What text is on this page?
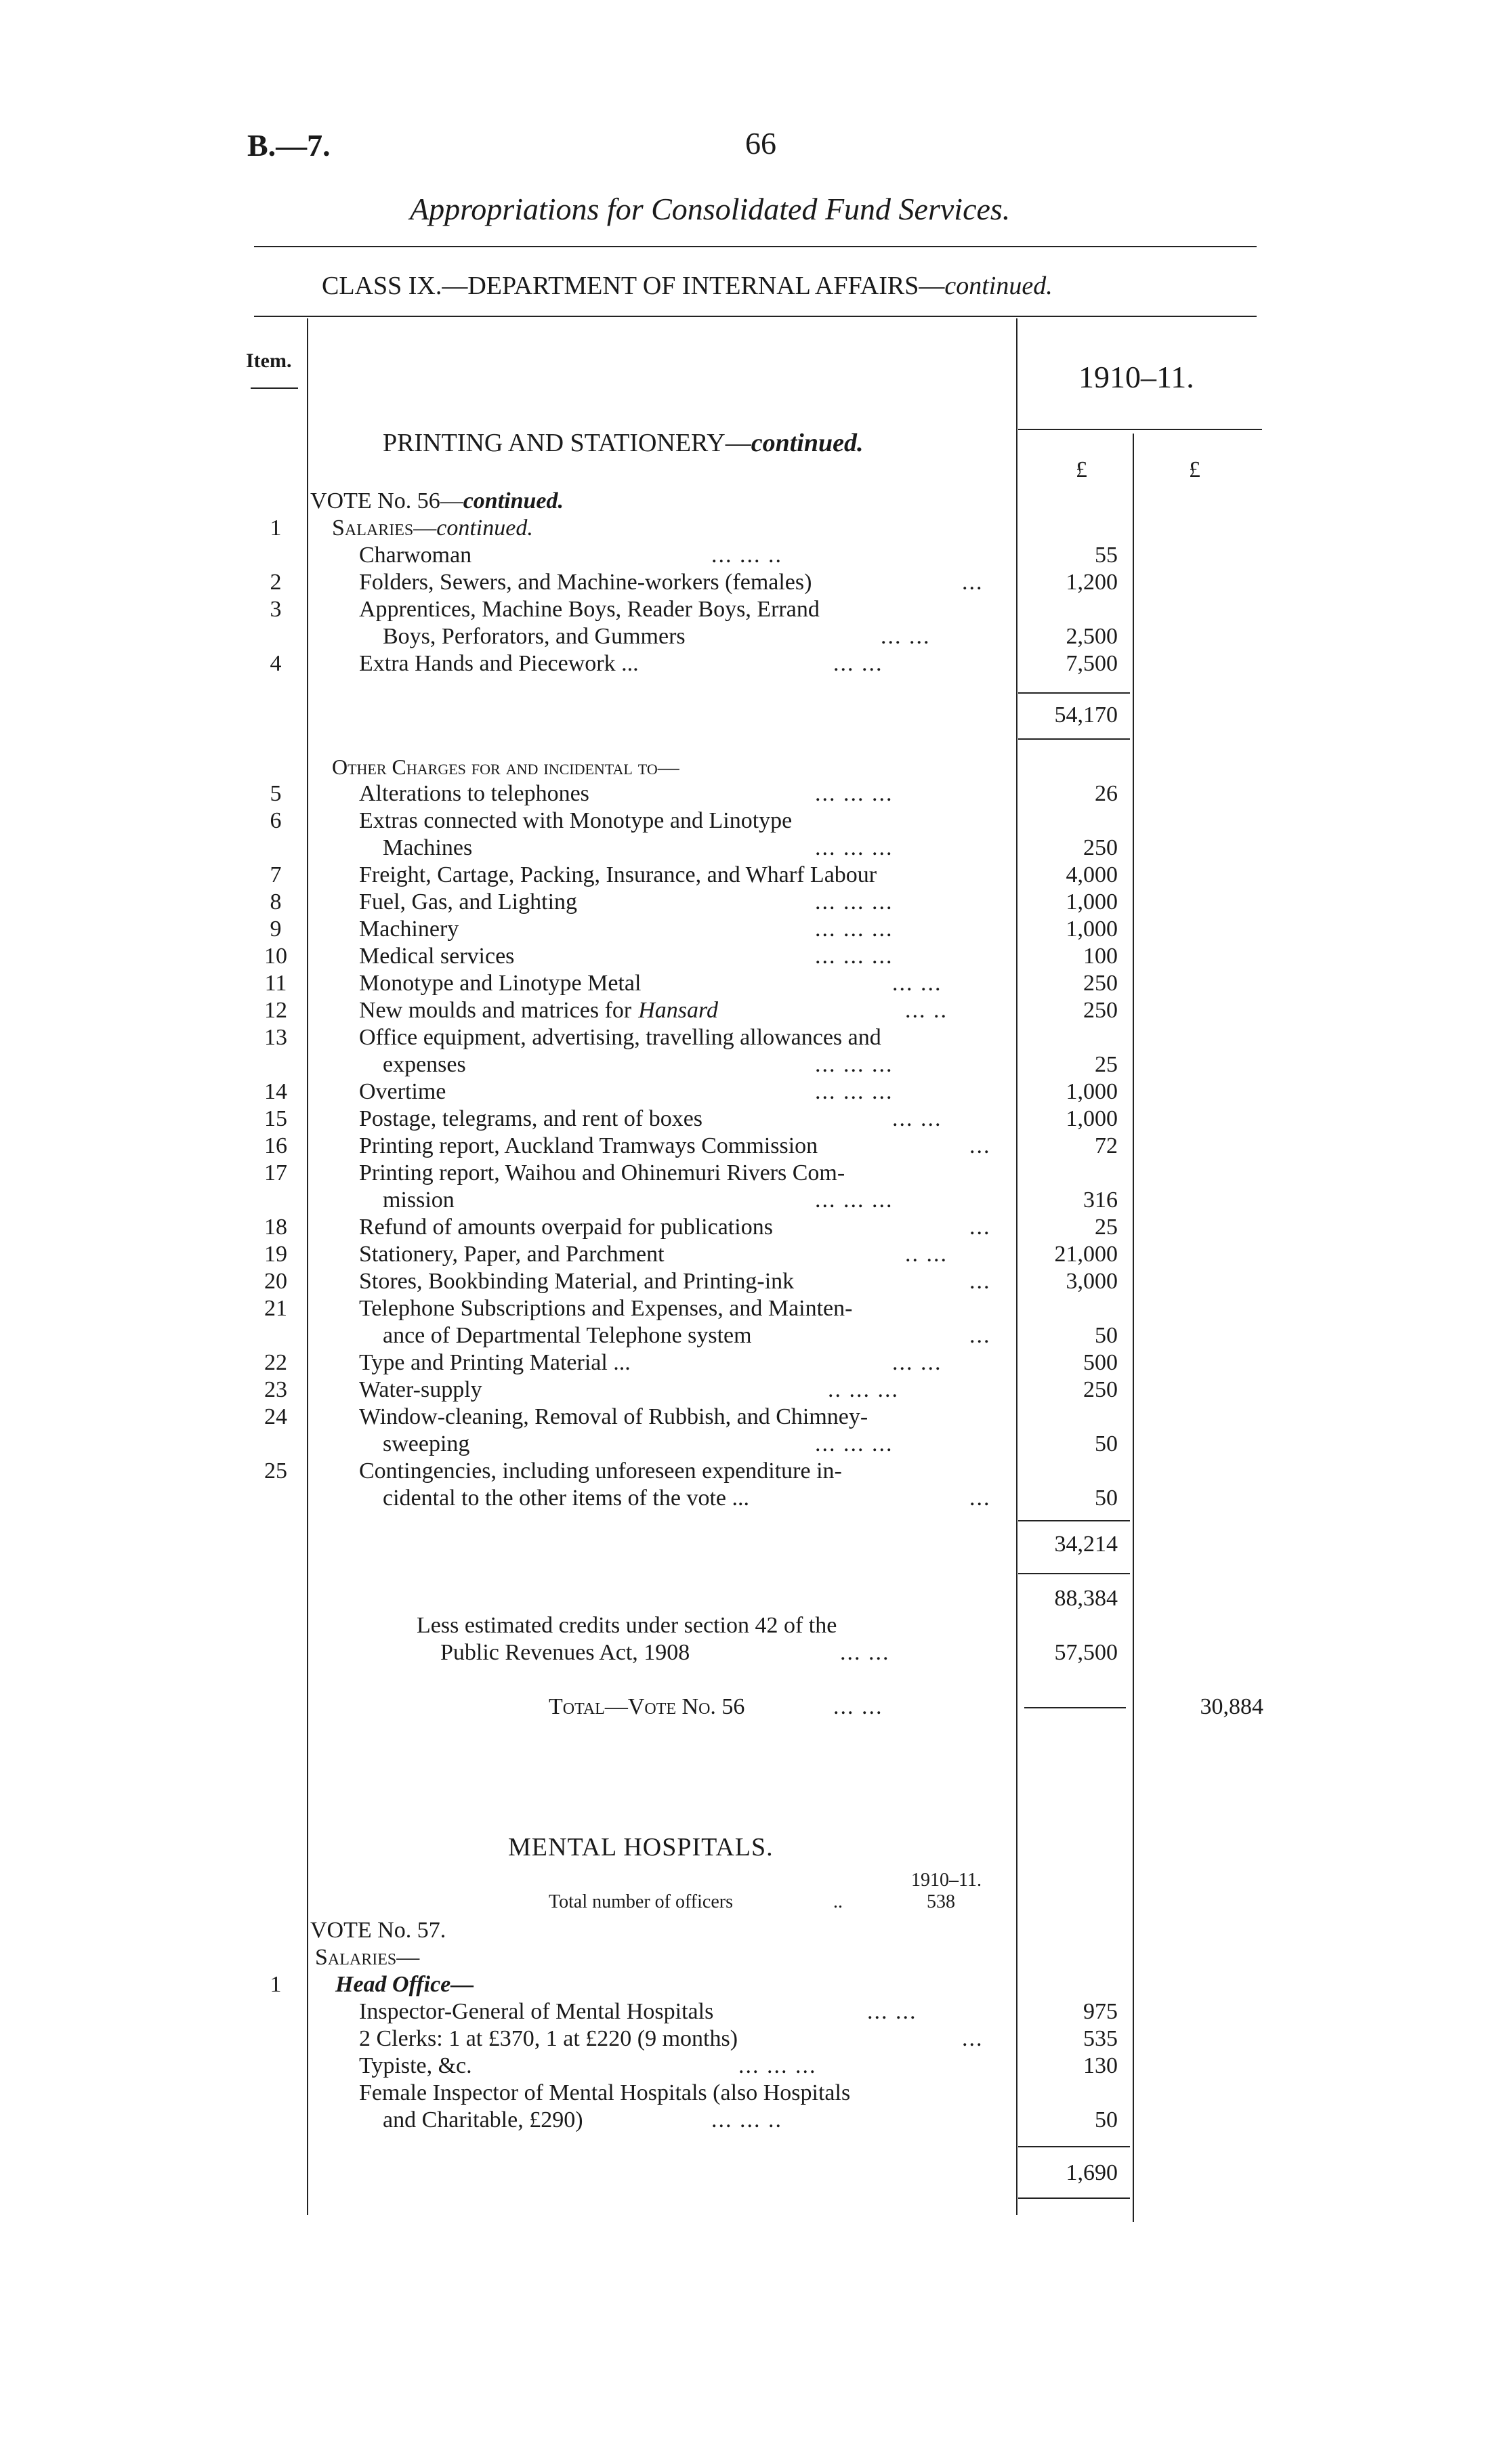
B.—7.	66
Appropriations for Consolidated Fund Services.
CLASS IX.—DEPARTMENT OF INTERNAL AFFAIRS—continued.
Item.	1910–11.
£	£
PRINTING AND STATIONERY—continued.
VOTE No. 56—continued.
1	Salaries—continued.
Charwoman	... ... ..	55
2	Folders, Sewers, and Machine-workers (females)	...	1,200
3	Apprentices, Machine Boys, Reader Boys, Errand
Boys, Perforators, and Gummers	... ...	2,500
4	Extra Hands and Piecework ...	... ...	7,500
54,170
Other Charges for and incidental to—
5	Alterations to telephones	... ... ...	26
6	Extras connected with Monotype and Linotype
Machines	... ... ...	250
7	Freight, Cartage, Packing, Insurance, and Wharf Labour	4,000
8	Fuel, Gas, and Lighting	... ... ...	1,000
9	Machinery	... ... ...	1,000
10	Medical services	... ... ...	100
11	Monotype and Linotype Metal	... ...	250
12	New moulds and matrices for Hansard	... ..	250
13	Office equipment, advertising, travelling allowances and
expenses	... ... ...	25
14	Overtime	... ... ...	1,000
15	Postage, telegrams, and rent of boxes	... ...	1,000
16	Printing report, Auckland Tramways Commission	...	72
17	Printing report, Waihou and Ohinemuri Rivers Com-
mission	... ... ...	316
18	Refund of amounts overpaid for publications	...	25
19	Stationery, Paper, and Parchment	.. ...	21,000
20	Stores, Bookbinding Material, and Printing-ink	...	3,000
21	Telephone Subscriptions and Expenses, and Mainten-
ance of Departmental Telephone system	...	50
22	Type and Printing Material ...	... ...	500
23	Water-supply	.. ... ...	250
24	Window-cleaning, Removal of Rubbish, and Chimney-
sweeping	... ... ...	50
25	Contingencies, including unforeseen expenditure in-
cidental to the other items of the vote ...	...	50
34,214
88,384
Less estimated credits under section 42 of the
Public Revenues Act, 1908	... ...	57,500
Total—Vote No. 56	... ...	30,884
MENTAL HOSPITALS.
1910–11.
Total number of officers	..	538
VOTE No. 57.
Salaries—
1	Head Office—
Inspector-General of Mental Hospitals	... ...	975
2 Clerks: 1 at £370, 1 at £220 (9 months)	...	535
Typiste, &c.	... ... ...	130
Female Inspector of Mental Hospitals (also Hospitals
and Charitable, £290)	... ... ..	50
1,690
